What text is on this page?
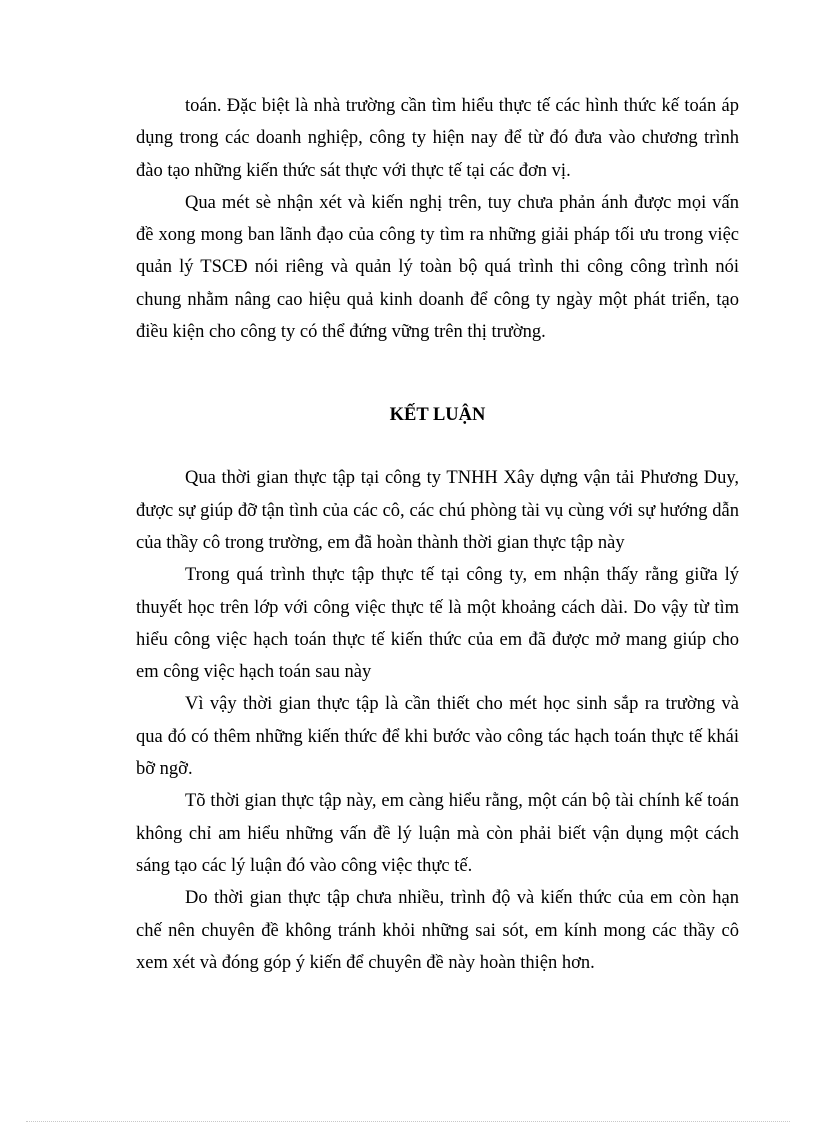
toán. Đặc biệt là nhà trường cần tìm hiểu thực tế các hình thức kế toán áp dụng trong các doanh nghiệp, công ty hiện nay để từ đó đưa vào chương trình đào tạo những kiến thức sát thực với thực tế tại các đơn vị.

Qua mét sè nhận xét và kiến nghị trên, tuy chưa phản ánh được mọi vấn đề xong mong ban lãnh đạo của công ty tìm ra những giải pháp tối ưu trong việc quản lý TSCĐ nói riêng và quản lý toàn bộ quá trình thi công công trình nói chung nhằm nâng cao hiệu quả kinh doanh để công ty ngày một phát triển, tạo điều kiện cho công ty có thể đứng vững trên thị trường.

KẾT LUẬN

Qua thời gian thực tập tại công ty TNHH Xây dựng vận tải Phương Duy, được sự giúp đỡ tận tình của các cô, các chú phòng tài vụ cùng với sự hướng dẫn của thầy cô trong trường, em đã hoàn thành thời gian thực tập này

Trong quá trình thực tập thực tế tại công ty, em nhận thấy rằng giữa lý thuyết học trên lớp với công việc thực tế là một khoảng cách dài. Do vậy từ tìm hiểu công việc hạch toán thực tế kiến thức của em đã được mở mang giúp cho em công việc hạch toán sau này

Vì vậy thời gian thực tập là cần thiết cho mét học sinh sắp ra trường và qua đó có thêm những kiến thức để khi bước vào công tác hạch toán thực tế khái bỡ ngỡ.

Tõ thời gian thực tập này, em càng hiểu rằng, một cán bộ tài chính kế toán không chỉ am hiểu những vấn đề lý luận mà còn phải biết vận dụng một cách sáng tạo các lý luận đó vào công việc thực tế.

Do thời gian thực tập chưa nhiều, trình độ và kiến thức của em còn hạn chế nên chuyên đề không tránh khỏi những sai sót, em kính mong các thầy cô xem xét và đóng góp ý kiến để chuyên đề này hoàn thiện hơn.
